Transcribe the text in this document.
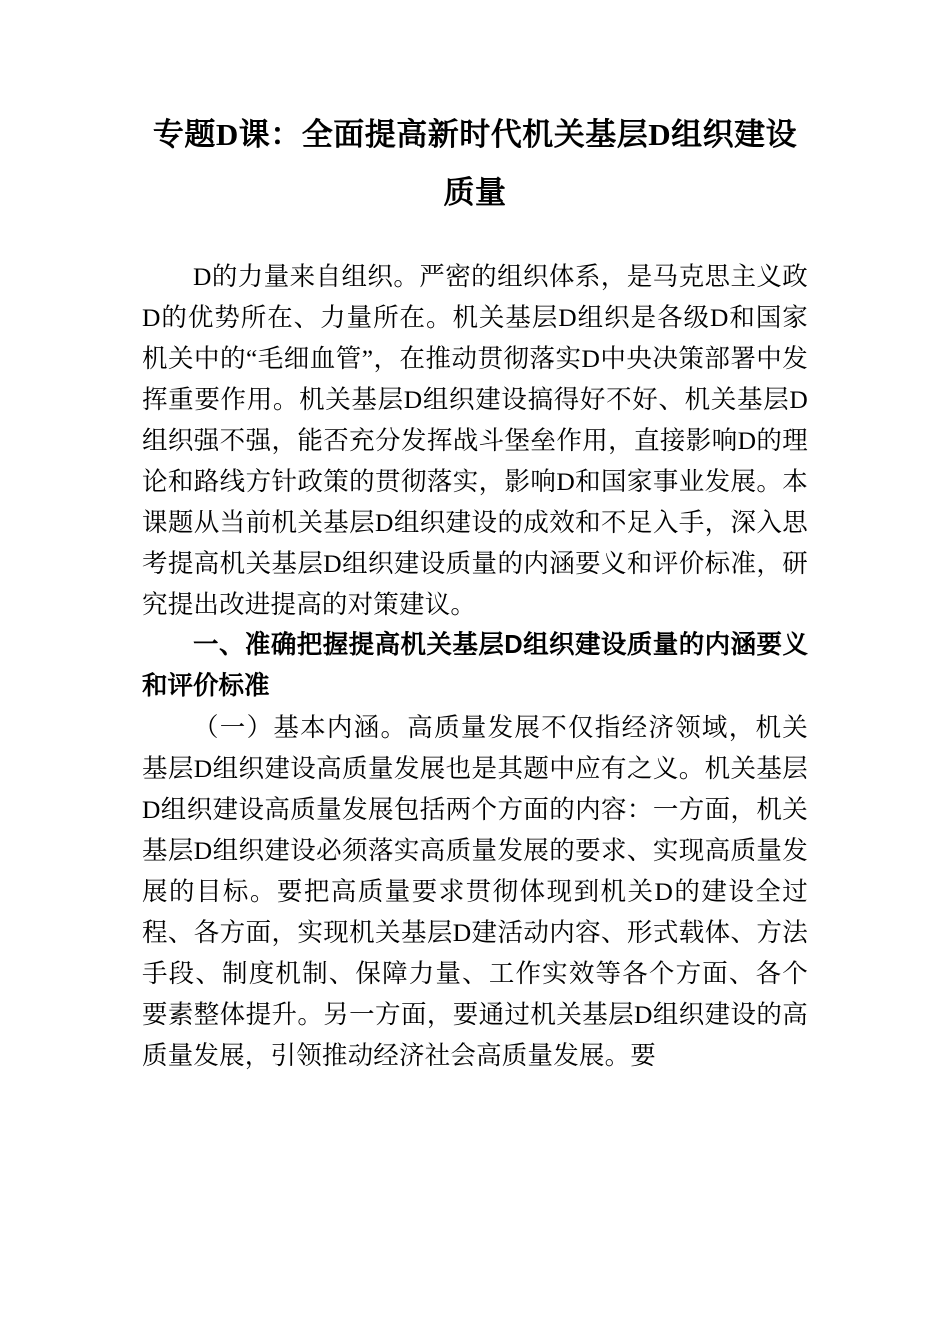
专题D课：全面提高新时代机关基层D组织建设质量

D的力量来自组织。严密的组织体系，是马克思主义政D的优势所在、力量所在。机关基层D组织是各级D和国家机关中的“毛细血管”，在推动贯彻落实D中央决策部署中发挥重要作用。机关基层D组织建设搞得好不好、机关基层D组织强不强，能否充分发挥战斗堡垒作用，直接影响D的理论和路线方针政策的贯彻落实，影响D和国家事业发展。本课题从当前机关基层D组织建设的成效和不足入手，深入思考提高机关基层D组织建设质量的内涵要义和评价标准，研究提出改进提高的对策建议。

一、准确把握提高机关基层D组织建设质量的内涵要义和评价标准

（一）基本内涵。高质量发展不仅指经济领域，机关基层D组织建设高质量发展也是其题中应有之义。机关基层D组织建设高质量发展包括两个方面的内容：一方面，机关基层D组织建设必须落实高质量发展的要求、实现高质量发展的目标。要把高质量要求贯彻体现到机关D的建设全过程、各方面，实现机关基层D建活动内容、形式载体、方法手段、制度机制、保障力量、工作实效等各个方面、各个要素整体提升。另一方面，要通过机关基层D组织建设的高质量发展，引领推动经济社会高质量发展。要
